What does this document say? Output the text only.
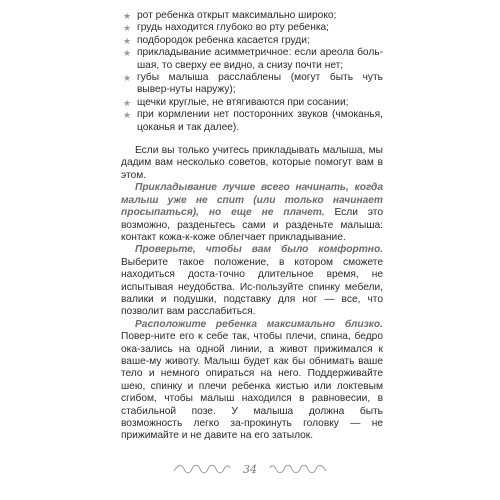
★ рот ребенка открыт максимально широко;
★ грудь находится глубоко во рту ребенка;
★ подбородок ребенка касается груди;
★ прикладывание асимметричное: если ареола боль-шая, то сверху ее видно, а снизу почти нет;
★ губы малыша расслаблены (могут быть чуть вывер-нуты наружу);
★ щечки круглые, не втягиваются при сосании;
★ при кормлении нет посторонних звуков (чмоканья, цоканья и так далее).

Если вы только учитесь прикладывать малыша, мы дадим вам несколько советов, которые помогут вам в этом.

Прикладывание лучше всего начинать, когда малыш уже не спит (или только начинает просыпаться), но еще не плачет. Если это возможно, разденьтесь сами и разденьте малыша: контакт кожа-к-коже облегчает прикладывание.

Проверьте, чтобы вам было комфортно. Выберите такое положение, в котором сможете находиться доста-точно длительное время, не испытывая неудобства. Ис-пользуйте спинку мебели, валики и подушки, подставку для ног — все, что позволит вам расслабиться.

Расположите ребенка максимально близко. Повер-ните его к себе так, чтобы плечи, спина, бедро ока-зались на одной линии, а живот прижимался к ваше-му животу. Малыш будет как бы обнимать ваше тело и немного опираться на него. Поддерживайте шею, спинку и плечи ребенка кистью или локтевым сгибом, чтобы малыш находился в равновесии, в стабильной позе. У малыша должна быть возможность легко за-прокинуть головку — не прижимайте и не давите на его затылок.

34
